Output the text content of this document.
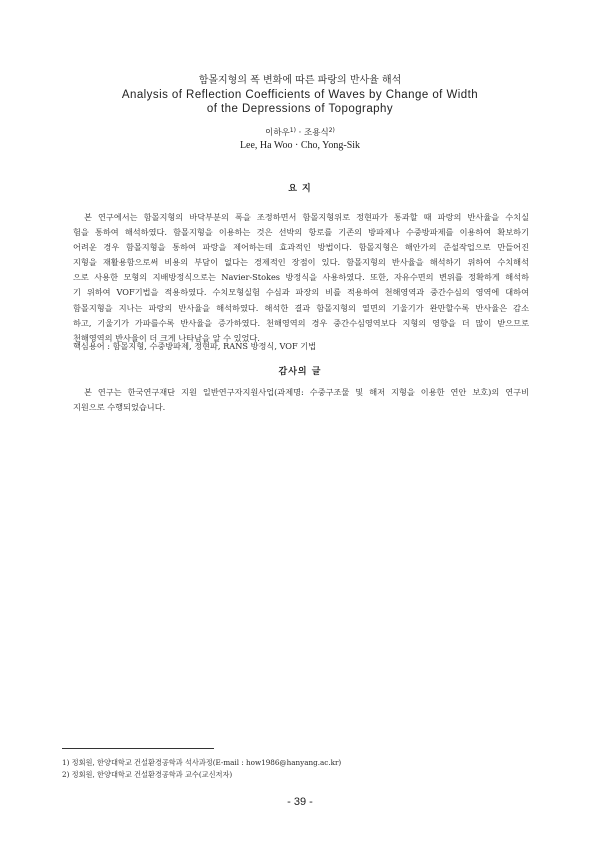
함몰지형의 폭 변화에 따른 파랑의 반사율 해석
Analysis of Reflection Coefficients of Waves by Change of Width
of the Depressions of Topography
이하우$^{1)}$ · 조용식$^{2)}$
Lee, Ha Woo · Cho, Yong-Sik
요 지
본 연구에서는 함몰지형의 바닥부분의 폭을 조정하면서 함몰지형위로 정현파가 통과할 때 파랑의 반사율을 수치실
험을 통하여 해석하였다. 함몰지형을 이용하는 것은 선박의 항로를 기존의 방파제나 수중방파제를 이용하여 확보하기
어려운 경우 함몰지형을 통하여 파랑을 제어하는데 효과적인 방법이다. 함몰지형은 해안가의 준설작업으로 만들어진
지형을 재활용함으로써 비용의 부담이 없다는 경제적인 장점이 있다. 함몰지형의 반사율을 해석하기 위하여 수치해석
으로 사용한 모형의 지배방정식으로는 Navier-Stokes 방정식을 사용하였다. 또한, 자유수면의 변위를 정확하게 해석하
기 위하여 VOF기법을 적용하였다. 수치모형실험 수심과 파장의 비를 적용하여 천해영역과 중간수심의 영역에 대하여
함몰지형을 지나는 파랑의 반사율을 해석하였다. 해석한 결과 함몰지형의 열면의 기울기가 완만할수록 반사율은 감소
하고, 기울기가 가파를수록 반사율을 증가하였다. 천해영역의 경우 중간수심영역보다 지형의 영향을 더 많이 받으므로
천해영역의 반사율이 더 크게 나타남을 알 수 있었다.
핵심용어 : 함몰지형, 수중방파제, 정현파, RANS 방정식, VOF 기법
감사의 글
본 연구는 한국연구재단 지원 일반연구자지원사업(과제명: 수중구조물 및 해저 지형을 이용한 연안 보호)의 연구비
지원으로 수행되었습니다.
1) 정회원, 한양대학교 건설환경공학과 석사과정(E-mail : how1986@hanyang.ac.kr)
2) 정회원, 한양대학교 건설환경공학과 교수(교신저자)
- 39 -
